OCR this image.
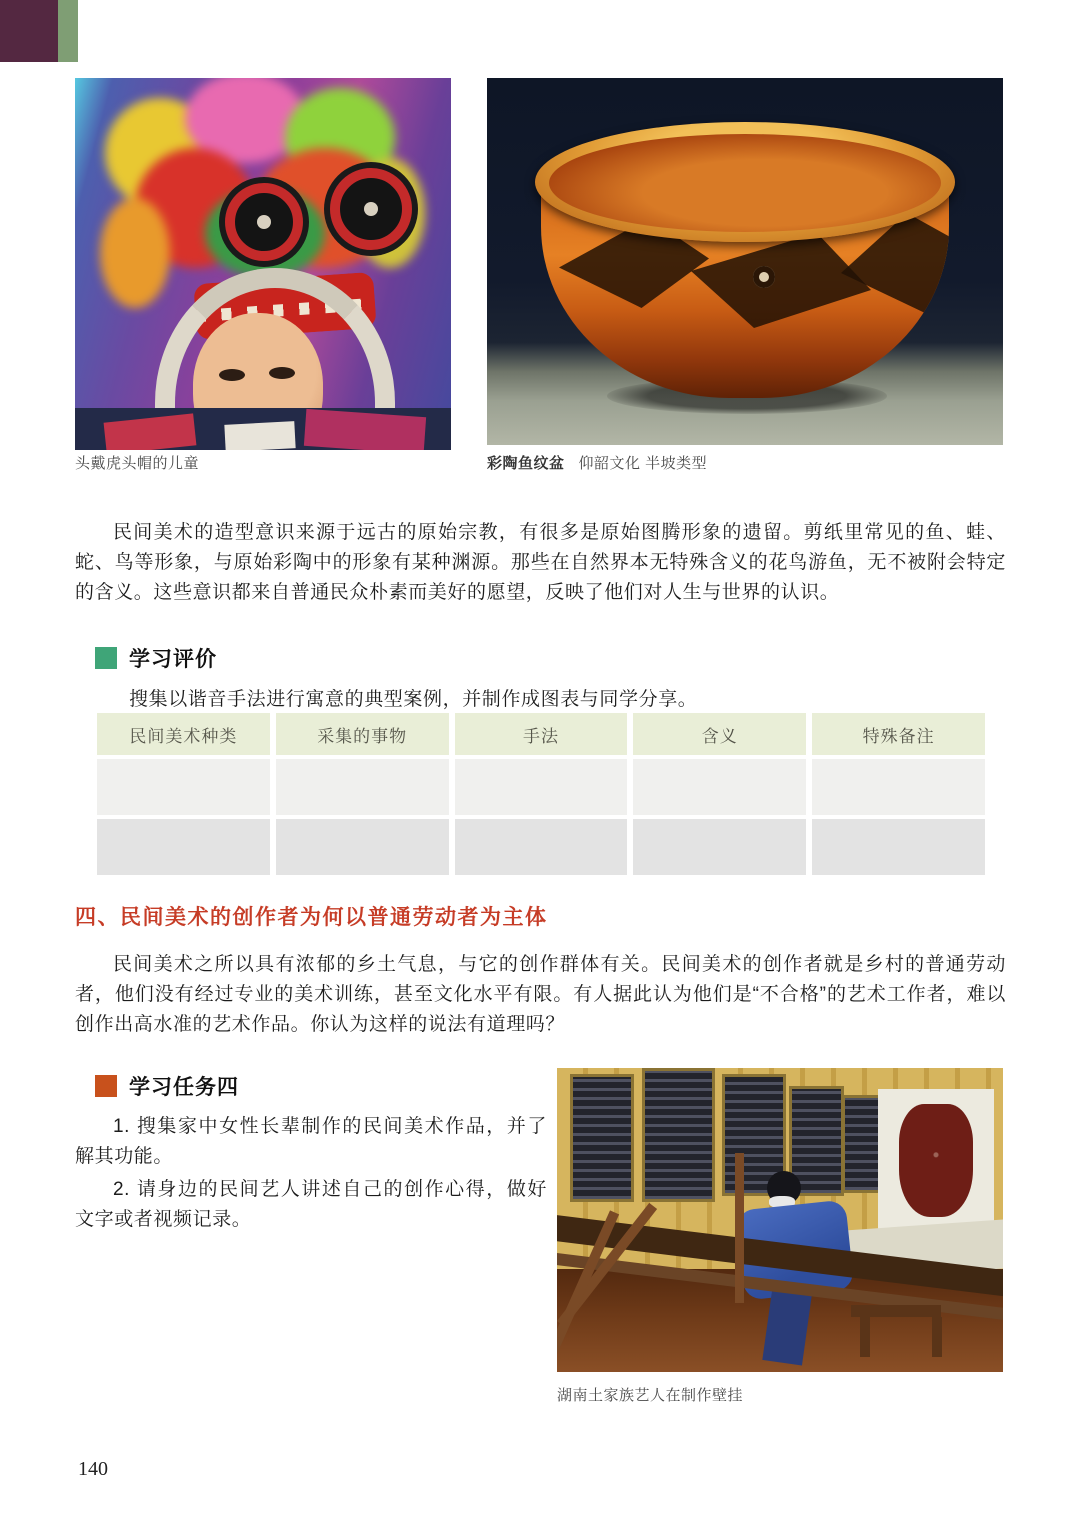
头戴虎头帽的儿童	彩陶鱼纹盆 仰韶文化 半坡类型
民间美术的造型意识来源于远古的原始宗教，有很多是原始图腾形象的遗留。剪纸里常见的鱼、蛙、蛇、鸟等形象，与原始彩陶中的形象有某种渊源。那些在自然界本无特殊含义的花鸟游鱼，无不被附会特定的含义。这些意识都来自普通民众朴素而美好的愿望，反映了他们对人生与世界的认识。
学习评价
搜集以谐音手法进行寓意的典型案例，并制作成图表与同学分享。
民间美术种类	采集的事物	手法	含义	特殊备注
四、民间美术的创作者为何以普通劳动者为主体
民间美术之所以具有浓郁的乡土气息，与它的创作群体有关。民间美术的创作者就是乡村的普通劳动者，他们没有经过专业的美术训练，甚至文化水平有限。有人据此认为他们是“不合格”的艺术工作者，难以创作出高水准的艺术作品。你认为这样的说法有道理吗？
学习任务四
1. 搜集家中女性长辈制作的民间美术作品，并了解其功能。
2. 请身边的民间艺人讲述自己的创作心得，做好文字或者视频记录。
湖南土家族艺人在制作壁挂
140
